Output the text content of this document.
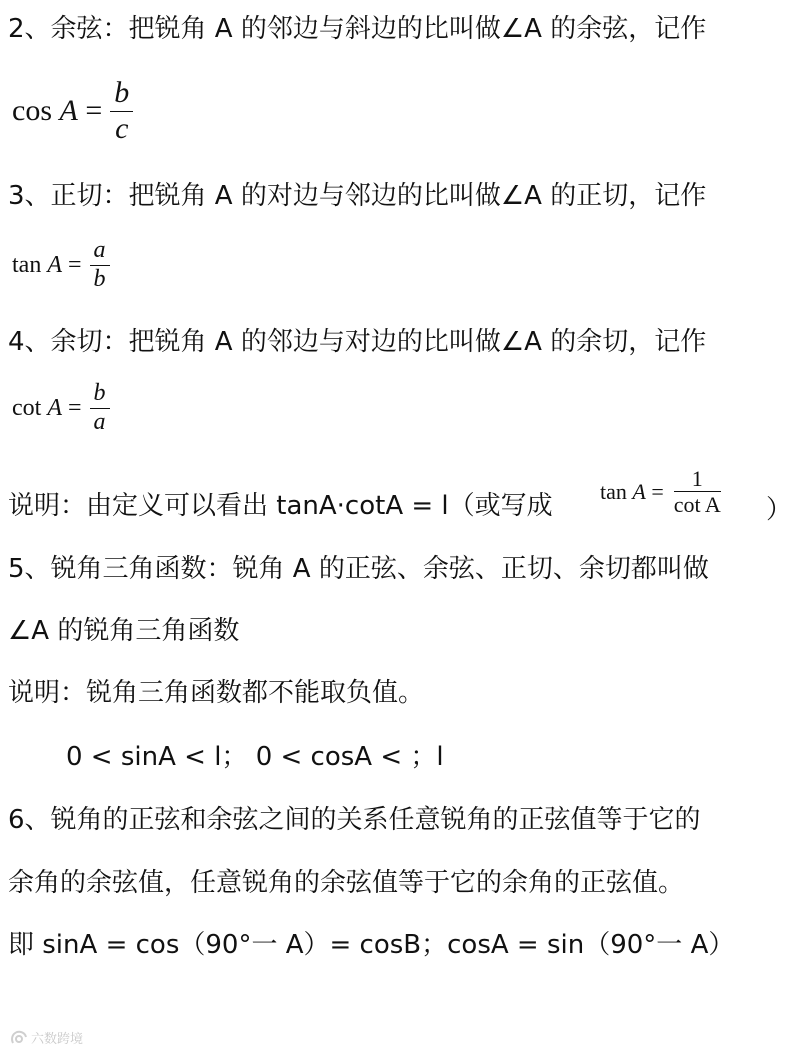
2、余弦：把锐角 A 的邻边与斜边的比叫做∠A 的余弦，记作
cos
A
= $\frac{b}{c}$
3、正切：把锐角 A 的对边与邻边的比叫做∠A 的正切，记作
tan
A
= $\frac{a}{b}$
4、余切：把锐角 A 的邻边与对边的比叫做∠A 的余切，记作
cot
A
= $\frac{b}{a}$
说明：由定义可以看出 tanA·cotA = l（或写成 tan
A
= $\frac{1}{\text{cot A}}$ ）
5、锐角三角函数：锐角 A 的正弦、余弦、正切、余切都叫做
∠A 的锐角三角函数
说明：锐角三角函数都不能取负值。
0 < sinA < l； 0 < cosA < ；l
6、锐角的正弦和余弦之间的关系任意锐角的正弦值等于它的
余角的余弦值，任意锐角的余弦值等于它的余角的正弦值。
即 sinA = cos（90°一 A）= cosB；cosA = sin（90°一 A）
六数跨境
